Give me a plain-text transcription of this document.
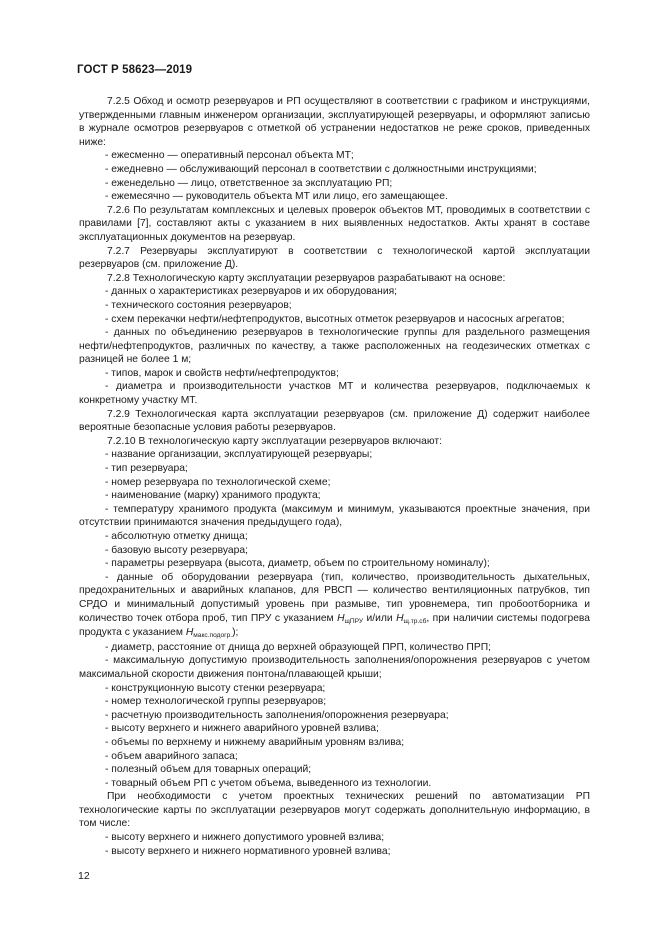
ГОСТ Р 58623—2019

7.2.5 Обход и осмотр резервуаров и РП осуществляют в соответствии с графиком и инструкциями, утвержденными главным инженером организации, эксплуатирующей резервуары, и оформляют записью в журнале осмотров резервуаров с отметкой об устранении недостатков не реже сроков, приведенных ниже:

- ежесменно — оперативный персонал объекта МТ;

- ежедневно — обслуживающий персонал в соответствии с должностными инструкциями;

- еженедельно — лицо, ответственное за эксплуатацию РП;

- ежемесячно — руководитель объекта МТ или лицо, его замещающее.

7.2.6 По результатам комплексных и целевых проверок объектов МТ, проводимых в соответствии с правилами [7], составляют акты с указанием в них выявленных недостатков. Акты хранят в составе эксплуатационных документов на резервуар.

7.2.7 Резервуары эксплуатируют в соответствии с технологической картой эксплуатации резервуаров (см. приложение Д).

7.2.8 Технологическую карту эксплуатации резервуаров разрабатывают на основе:

- данных о характеристиках резервуаров и их оборудования;

- технического состояния резервуаров;

- схем перекачки нефти/нефтепродуктов, высотных отметок резервуаров и насосных агрегатов;

- данных по объединению резервуаров в технологические группы для раздельного размещения нефти/нефтепродуктов, различных по качеству, а также расположенных на геодезических отметках с разницей не более 1 м;

- типов, марок и свойств нефти/нефтепродуктов;

- диаметра и производительности участков МТ и количества резервуаров, подключаемых к конкретному участку МТ.

7.2.9 Технологическая карта эксплуатации резервуаров (см. приложение Д) содержит наиболее вероятные безопасные условия работы резервуаров.

7.2.10 В технологическую карту эксплуатации резервуаров включают:

- название организации, эксплуатирующей резервуары;

- тип резервуара;

- номер резервуара по технологической схеме;

- наименование (марку) хранимого продукта;

- температуру хранимого продукта (максимум и минимум, указываются проектные значения, при отсутствии принимаются значения предыдущего года),

- абсолютную отметку днища;

- базовую высоту резервуара;

- параметры резервуара (высота, диаметр, объем по строительному номиналу);

- данные об оборудовании резервуара (тип, количество, производительность дыхательных, предохранительных и аварийных клапанов, для РВСП — количество вентиляционных патрубков, тип СРДО и минимальный допустимый уровень при размыве, тип уровнемера, тип пробоотборника и количество точек отбора проб, тип ПРУ с указанием HщПРУ и/или Hщ.тр.сб, при наличии системы подогрева продукта с указанием Hмакс.подогр.);

- диаметр, расстояние от днища до верхней образующей ПРП, количество ПРП;

- максимальную допустимую производительность заполнения/опорожнения резервуаров с учетом максимальной скорости движения понтона/плавающей крыши;

- конструкционную высоту стенки резервуара;

- номер технологической группы резервуаров;

- расчетную производительность заполнения/опорожнения резервуара;

- высоту верхнего и нижнего аварийного уровней взлива;

- объемы по верхнему и нижнему аварийным уровням взлива;

- объем аварийного запаса;

- полезный объем для товарных операций;

- товарный объем РП с учетом объема, выведенного из технологии.

При необходимости с учетом проектных технических решений по автоматизации РП технологические карты по эксплуатации резервуаров могут содержать дополнительную информацию, в том числе:

- высоту верхнего и нижнего допустимого уровней взлива;

- высоту верхнего и нижнего нормативного уровней взлива;

12
